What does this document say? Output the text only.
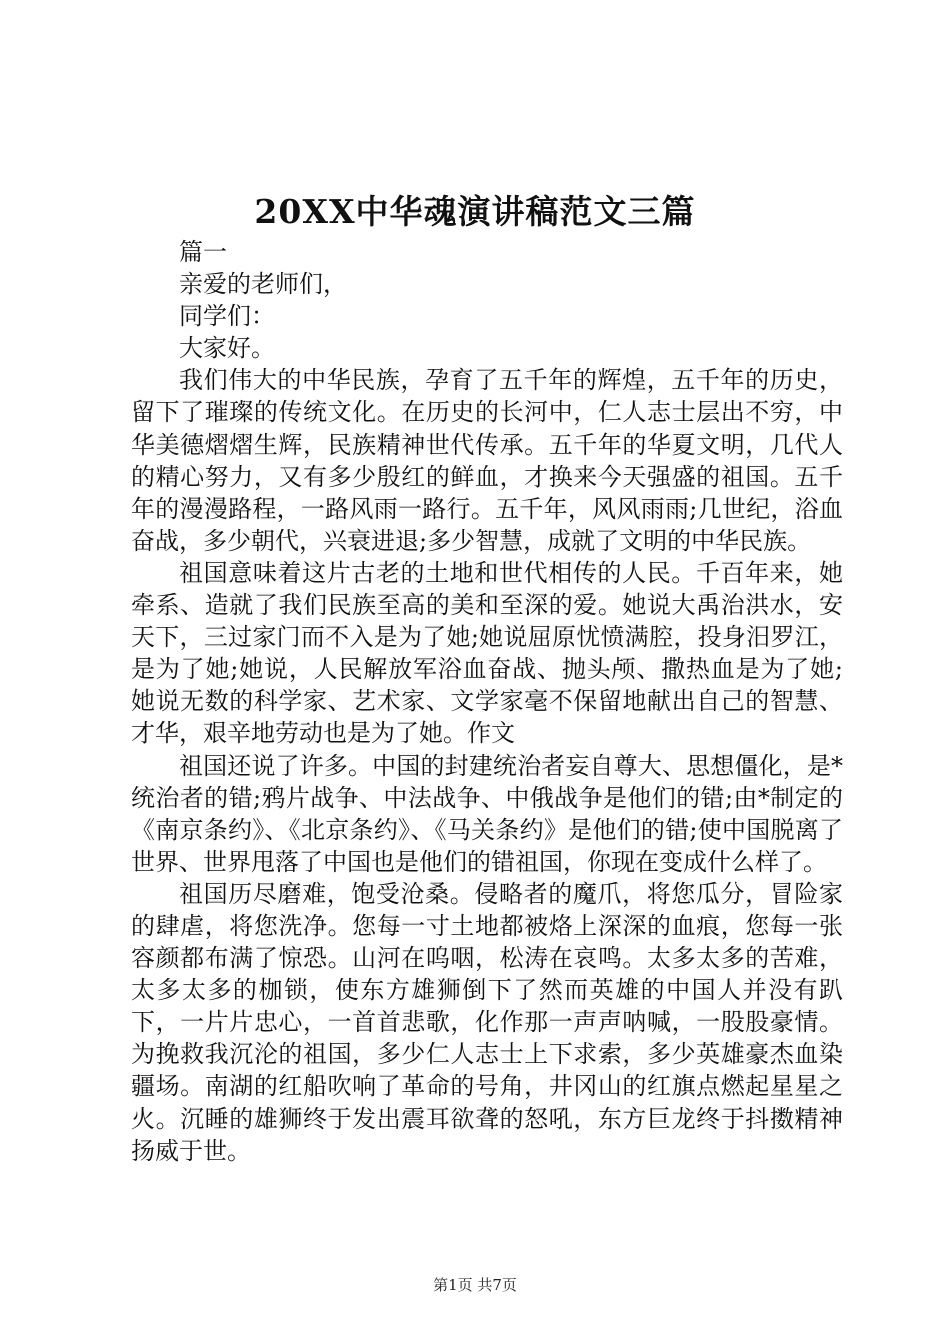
20XX中华魂演讲稿范文三篇

篇一

亲爱的老师们，

同学们：

大家好。

我们伟大的中华民族，孕育了五千年的辉煌，五千年的历史，留下了璀璨的传统文化。在历史的长河中，仁人志士层出不穷，中华美德熠熠生辉，民族精神世代传承。五千年的华夏文明，几代人的精心努力，又有多少殷红的鲜血，才换来今天强盛的祖国。五千年的漫漫路程，一路风雨一路行。五千年，风风雨雨;几世纪，浴血奋战，多少朝代，兴衰进退;多少智慧，成就了文明的中华民族。

祖国意味着这片古老的土地和世代相传的人民。千百年来，她牵系、造就了我们民族至高的美和至深的爱。她说大禹治洪水，安天下，三过家门而不入是为了她;她说屈原忧愤满腔，投身汨罗江，是为了她;她说，人民解放军浴血奋战、抛头颅、撒热血是为了她;她说无数的科学家、艺术家、文学家毫不保留地献出自己的智慧、才华，艰辛地劳动也是为了她。作文

祖国还说了许多。中国的封建统治者妄自尊大、思想僵化，是*统治者的错;鸦片战争、中法战争、中俄战争是他们的错;由*制定的《南京条约》、《北京条约》、《马关条约》是他们的错;使中国脱离了世界、世界甩落了中国也是他们的错祖国，你现在变成什么样了。

祖国历尽磨难，饱受沧桑。侵略者的魔爪，将您瓜分，冒险家的肆虐，将您洗净。您每一寸土地都被烙上深深的血痕，您每一张容颜都布满了惊恐。山河在呜咽，松涛在哀鸣。太多太多的苦难，太多太多的枷锁，使东方雄狮倒下了然而英雄的中国人并没有趴下，一片片忠心，一首首悲歌，化作那一声声呐喊，一股股豪情。为挽救我沉沦的祖国，多少仁人志士上下求索，多少英雄豪杰血染疆场。南湖的红船吹响了革命的号角，井冈山的红旗点燃起星星之火。沉睡的雄狮终于发出震耳欲聋的怒吼，东方巨龙终于抖擞精神扬威于世。

第1页 共7页
